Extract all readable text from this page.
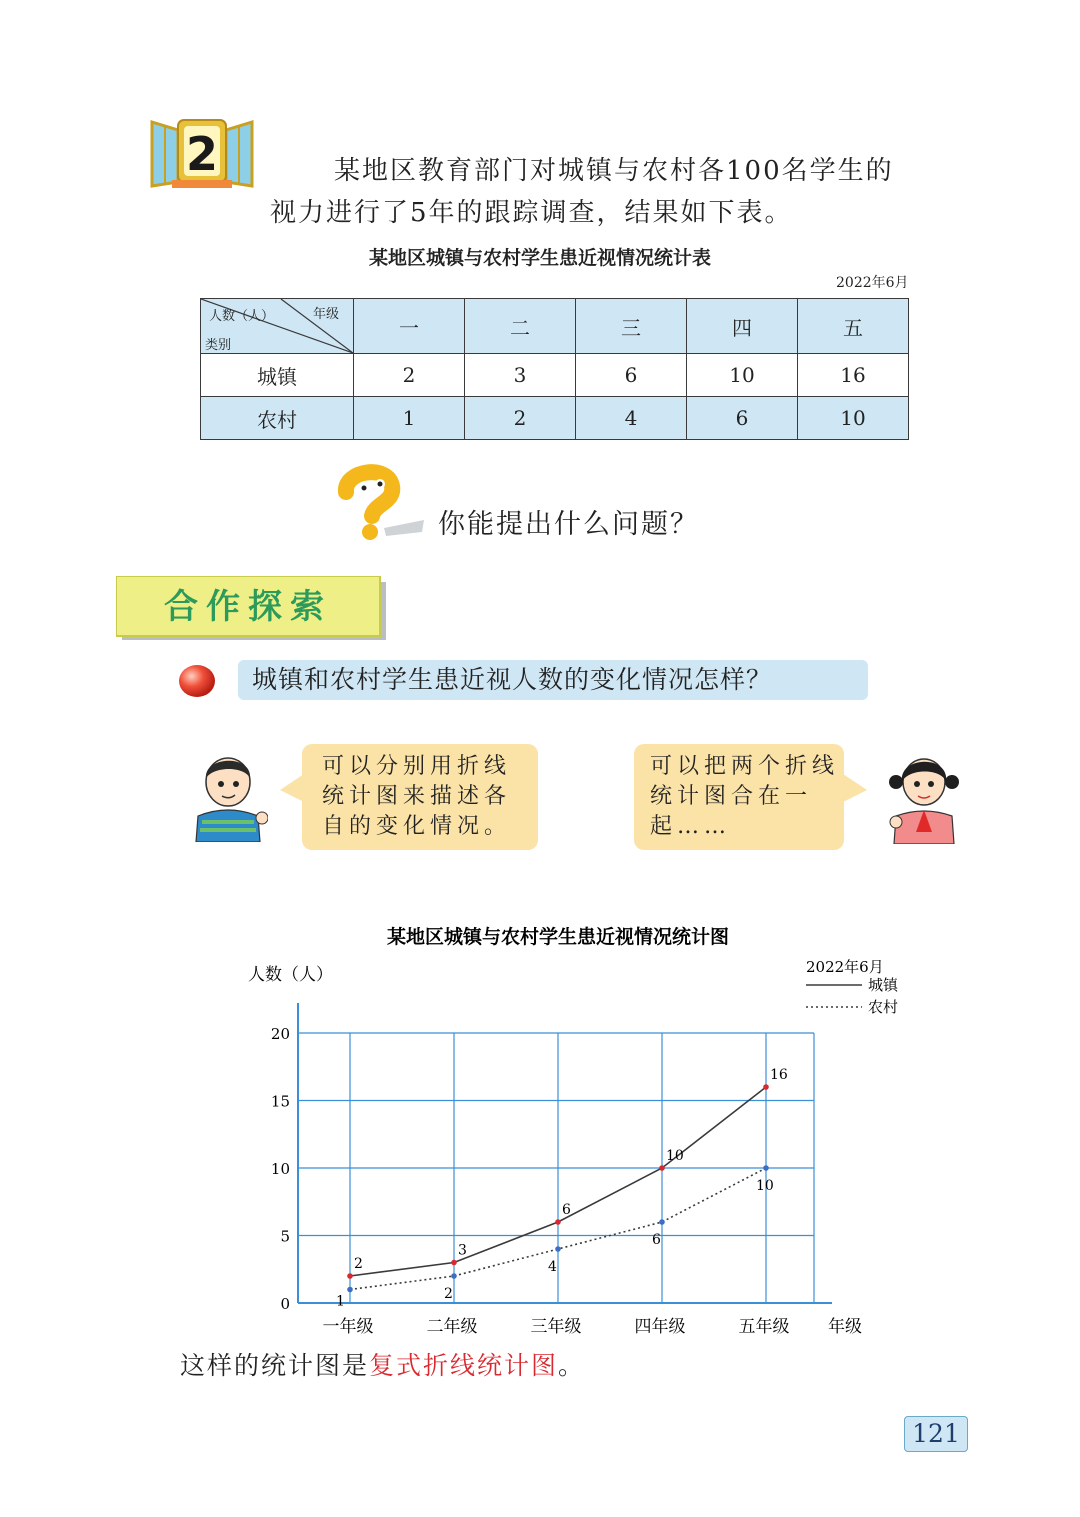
2	某地区教育部门对城镇与农村各100名学生的
视力进行了5年的跟踪调查，结果如下表。
某地区城镇与农村学生患近视情况统计表
2022年6月
人数（人） 年级
类别	一	二	三	四	五
城镇	2	3	6	10	16
农村	1	2	4	6	10
你能提出什么问题？
合作探索
城镇和农村学生患近视人数的变化情况怎样？
可以分别用折线统计图来描述各自的变化情况。
可以把两个折线统计图合在一起……
某地区城镇与农村学生患近视情况统计图
人数（人）	2022年6月
城镇
农村
0
5
10
15
20
一年级	二年级	三年级	四年级	五年级 年级
2
3
6
10
16
1	2
4
6
10
这样的统计图是复式折线统计图。
121
